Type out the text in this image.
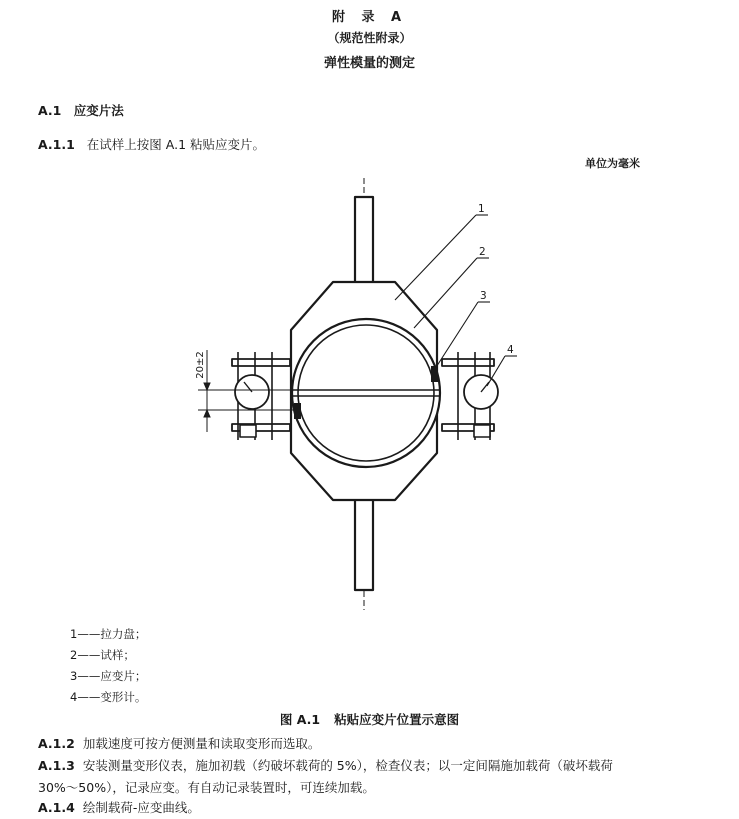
附 录 A
（规范性附录）
弹性模量的测定
A.1 应变片法
A.1.1 在试样上按图 A.1 粘贴应变片。
单位为毫米
20±2
1
2
3
4
1——拉力盘；
2——试样；
3——应变片；
4——变形计。
图 A.1 粘贴应变片位置示意图
A.1.2 加载速度可按方便测量和读取变形而选取。
A.1.3 安装测量变形仪表，施加初载（约破坏载荷的 5%），检查仪表；以一定间隔施加载荷（破坏载荷
30%～50%），记录应变。有自动记录装置时，可连续加载。
A.1.4 绘制载荷-应变曲线。
